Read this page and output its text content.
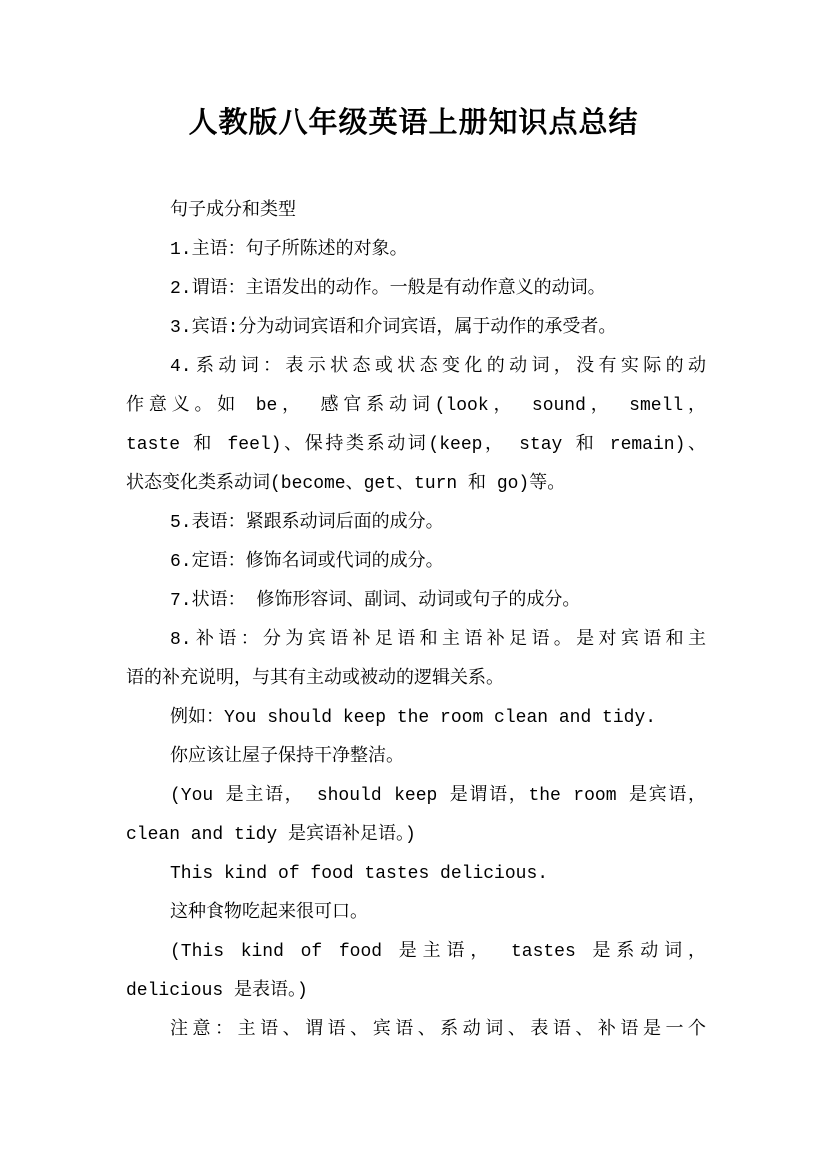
人教版八年级英语上册知识点总结
句子成分和类型
1.主语：句子所陈述的对象。
2.谓语：主语发出的动作。一般是有动作意义的动词。
3.宾语:分为动词宾语和介词宾语，属于动作的承受者。
4.系动词：表示状态或状态变化的动词，没有实际的动
作意义。如 be， 感官系动词(look， sound， smell，
taste 和 feel)、保持类系动词(keep， stay 和 remain)、
状态变化类系动词(become、get、turn 和 go)等。
5.表语：紧跟系动词后面的成分。
6.定语：修饰名词或代词的成分。
7.状语： 修饰形容词、副词、动词或句子的成分。
8.补语：分为宾语补足语和主语补足语。是对宾语和主
语的补充说明，与其有主动或被动的逻辑关系。
例如：You should keep the room clean and tidy.
你应该让屋子保持干净整洁。
(You 是主语， should keep 是谓语，the room 是宾语，
clean and tidy 是宾语补足语。)
This kind of food tastes delicious.
这种食物吃起来很可口。
(This kind of food 是主语， tastes 是系动词，
delicious 是表语。)
注意：主语、谓语、宾语、系动词、表语、补语是一个
